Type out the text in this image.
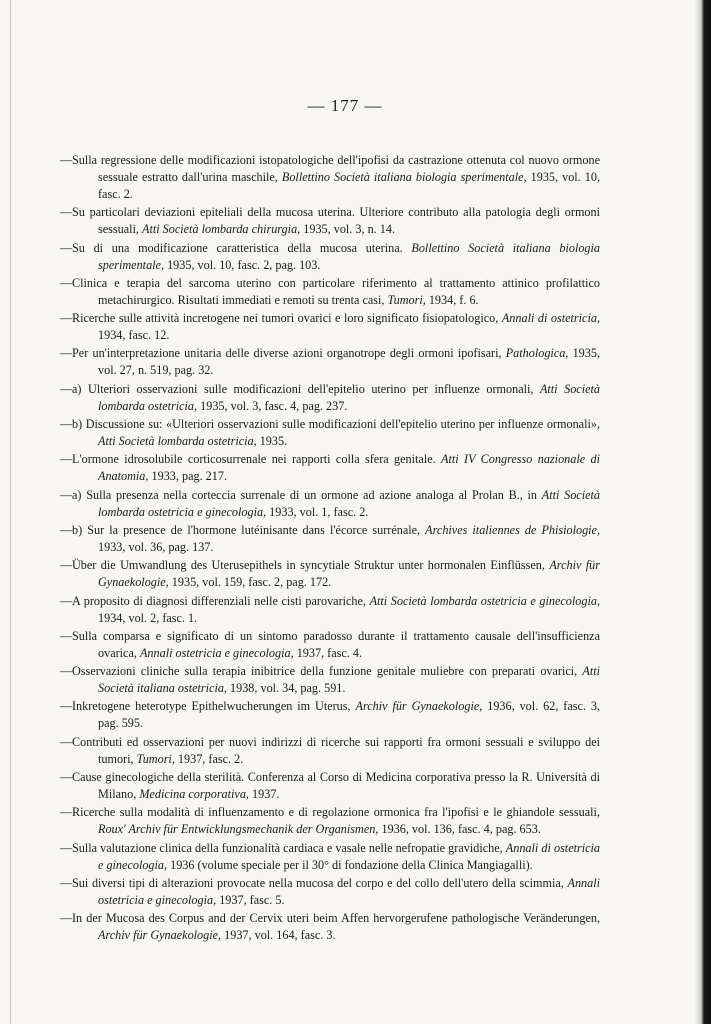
— 177 —
—Sulla regressione delle modificazioni istopatologiche dell'ipofisi da castrazione ottenuta col nuovo ormone sessuale estratto dall'urina maschile, Bollettino Società italiana biologia sperimentale, 1935, vol. 10, fasc. 2.
—Su particolari deviazioni epiteliali della mucosa uterina. Ulteriore contributo alla patologia degli ormoni sessuali, Atti Società lombarda chirurgia, 1935, vol. 3, n. 14.
—Su di una modificazione caratteristica della mucosa uterina. Bollettino Società italiana biologia sperimentale, 1935, vol. 10, fasc. 2, pag. 103.
—Clinica e terapia del sarcoma uterino con particolare riferimento al trattamento attinico profilattico metachirurgico. Risultati immediati e remoti su trenta casi, Tumori, 1934, f. 6.
—Ricerche sulle attività incretogene nei tumori ovarici e loro significato fisiopatologico, Annali di ostetricia, 1934, fasc. 12.
—Per un'interpretazione unitaria delle diverse azioni organotrope degli ormoni ipofisari, Pathologica, 1935, vol. 27, n. 519, pag. 32.
—a) Ulteriori osservazioni sulle modificazioni dell'epitelio uterino per influenze ormonali, Atti Società lombarda ostetricia, 1935, vol. 3, fasc. 4, pag. 237.
—b) Discussione su: «Ulteriori osservazioni sulle modificazioni dell'epitelio uterino per influenze ormonali», Atti Società lombarda ostetricia, 1935.
—L'ormone idrosolubile corticosurrenale nei rapporti colla sfera genitale. Atti IV Congresso nazionale di Anatomia, 1933, pag. 217.
—a) Sulla presenza nella corteccia surrenale di un ormone ad azione analoga al Prolan B., in Atti Società lombarda ostetricia e ginecologia, 1933, vol. 1, fasc. 2.
—b) Sur la presence de l'hormone lutéinisante dans l'écorce surrénale, Archives italiennes de Phisiologie, 1933, vol. 36, pag. 137.
—Über die Umwandlung des Uterusepithels in syncytiale Struktur unter hormonalen Einflüssen, Archiv für Gynaekologie, 1935, vol. 159, fasc. 2, pag. 172.
—A proposito di diagnosi differenziali nelle cisti parovariche, Atti Società lombarda ostetricia e ginecologia, 1934, vol. 2, fasc. 1.
—Sulla comparsa e significato di un sintomo paradosso durante il trattamento causale dell'insufficienza ovarica, Annali ostetricia e ginecologia, 1937, fasc. 4.
—Osservazioni cliniche sulla terapia inibitrice della funzione genitale muliebre con preparati ovarici, Atti Società italiana ostetricia, 1938, vol. 34, pag. 591.
—Inkretogene heterotype Epithelwucherungen im Uterus, Archiv für Gynaekologie, 1936, vol. 62, fasc. 3, pag. 595.
—Contributi ed osservazioni per nuovi indirizzi di ricerche sui rapporti fra ormoni sessuali e sviluppo dei tumori, Tumori, 1937, fasc. 2.
—Cause ginecologiche della sterilità. Conferenza al Corso di Medicina corporativa presso la R. Università di Milano, Medicina corporativa, 1937.
—Ricerche sulla modalità di influenzamento e di regolazione ormonica fra l'ipofisi e le ghiandole sessuali, Roux' Archiv für Entwicklungsmechanik der Organismen, 1936, vol. 136, fasc. 4, pag. 653.
—Sulla valutazione clinica della funzionalità cardiaca e vasale nelle nefropatie gravidiche, Annali di ostetricia e ginecologia, 1936 (volume speciale per il 30° di fondazione della Clinica Mangiagalli).
—Sui diversi tipi di alterazioni provocate nella mucosa del corpo e del collo dell'utero della scimmia, Annali ostetricia e ginecologia, 1937, fasc. 5.
—In der Mucosa des Corpus and der Cervix uteri beim Affen hervorgerufene pathologische Veränderungen, Archiv für Gynaekologie, 1937, vol. 164, fasc. 3.
